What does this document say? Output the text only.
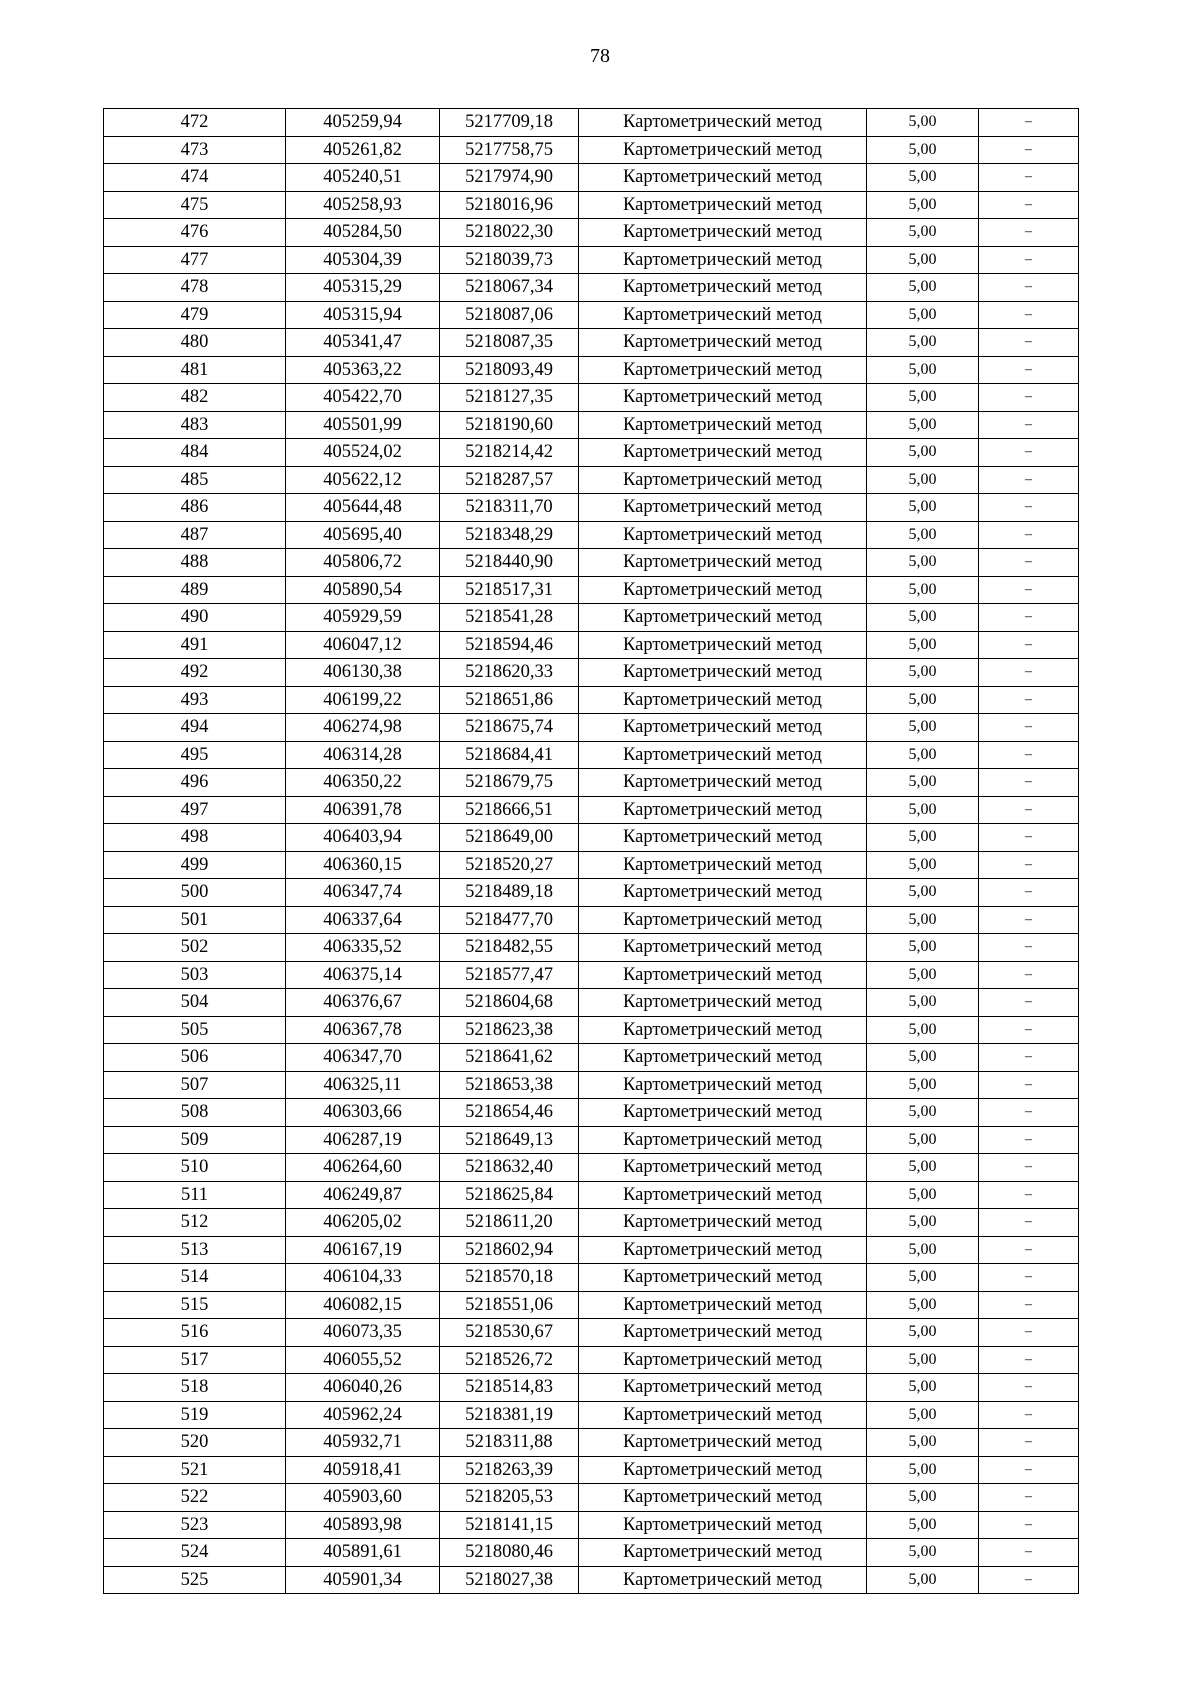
78
472	405259,94	5217709,18	Картометрический метод	5,00	–
473	405261,82	5217758,75	Картометрический метод	5,00	–
474	405240,51	5217974,90	Картометрический метод	5,00	–
475	405258,93	5218016,96	Картометрический метод	5,00	–
476	405284,50	5218022,30	Картометрический метод	5,00	–
477	405304,39	5218039,73	Картометрический метод	5,00	–
478	405315,29	5218067,34	Картометрический метод	5,00	–
479	405315,94	5218087,06	Картометрический метод	5,00	–
480	405341,47	5218087,35	Картометрический метод	5,00	–
481	405363,22	5218093,49	Картометрический метод	5,00	–
482	405422,70	5218127,35	Картометрический метод	5,00	–
483	405501,99	5218190,60	Картометрический метод	5,00	–
484	405524,02	5218214,42	Картометрический метод	5,00	–
485	405622,12	5218287,57	Картометрический метод	5,00	–
486	405644,48	5218311,70	Картометрический метод	5,00	–
487	405695,40	5218348,29	Картометрический метод	5,00	–
488	405806,72	5218440,90	Картометрический метод	5,00	–
489	405890,54	5218517,31	Картометрический метод	5,00	–
490	405929,59	5218541,28	Картометрический метод	5,00	–
491	406047,12	5218594,46	Картометрический метод	5,00	–
492	406130,38	5218620,33	Картометрический метод	5,00	–
493	406199,22	5218651,86	Картометрический метод	5,00	–
494	406274,98	5218675,74	Картометрический метод	5,00	–
495	406314,28	5218684,41	Картометрический метод	5,00	–
496	406350,22	5218679,75	Картометрический метод	5,00	–
497	406391,78	5218666,51	Картометрический метод	5,00	–
498	406403,94	5218649,00	Картометрический метод	5,00	–
499	406360,15	5218520,27	Картометрический метод	5,00	–
500	406347,74	5218489,18	Картометрический метод	5,00	–
501	406337,64	5218477,70	Картометрический метод	5,00	–
502	406335,52	5218482,55	Картометрический метод	5,00	–
503	406375,14	5218577,47	Картометрический метод	5,00	–
504	406376,67	5218604,68	Картометрический метод	5,00	–
505	406367,78	5218623,38	Картометрический метод	5,00	–
506	406347,70	5218641,62	Картометрический метод	5,00	–
507	406325,11	5218653,38	Картометрический метод	5,00	–
508	406303,66	5218654,46	Картометрический метод	5,00	–
509	406287,19	5218649,13	Картометрический метод	5,00	–
510	406264,60	5218632,40	Картометрический метод	5,00	–
511	406249,87	5218625,84	Картометрический метод	5,00	–
512	406205,02	5218611,20	Картометрический метод	5,00	–
513	406167,19	5218602,94	Картометрический метод	5,00	–
514	406104,33	5218570,18	Картометрический метод	5,00	–
515	406082,15	5218551,06	Картометрический метод	5,00	–
516	406073,35	5218530,67	Картометрический метод	5,00	–
517	406055,52	5218526,72	Картометрический метод	5,00	–
518	406040,26	5218514,83	Картометрический метод	5,00	–
519	405962,24	5218381,19	Картометрический метод	5,00	–
520	405932,71	5218311,88	Картометрический метод	5,00	–
521	405918,41	5218263,39	Картометрический метод	5,00	–
522	405903,60	5218205,53	Картометрический метод	5,00	–
523	405893,98	5218141,15	Картометрический метод	5,00	–
524	405891,61	5218080,46	Картометрический метод	5,00	–
525	405901,34	5218027,38	Картометрический метод	5,00	–
